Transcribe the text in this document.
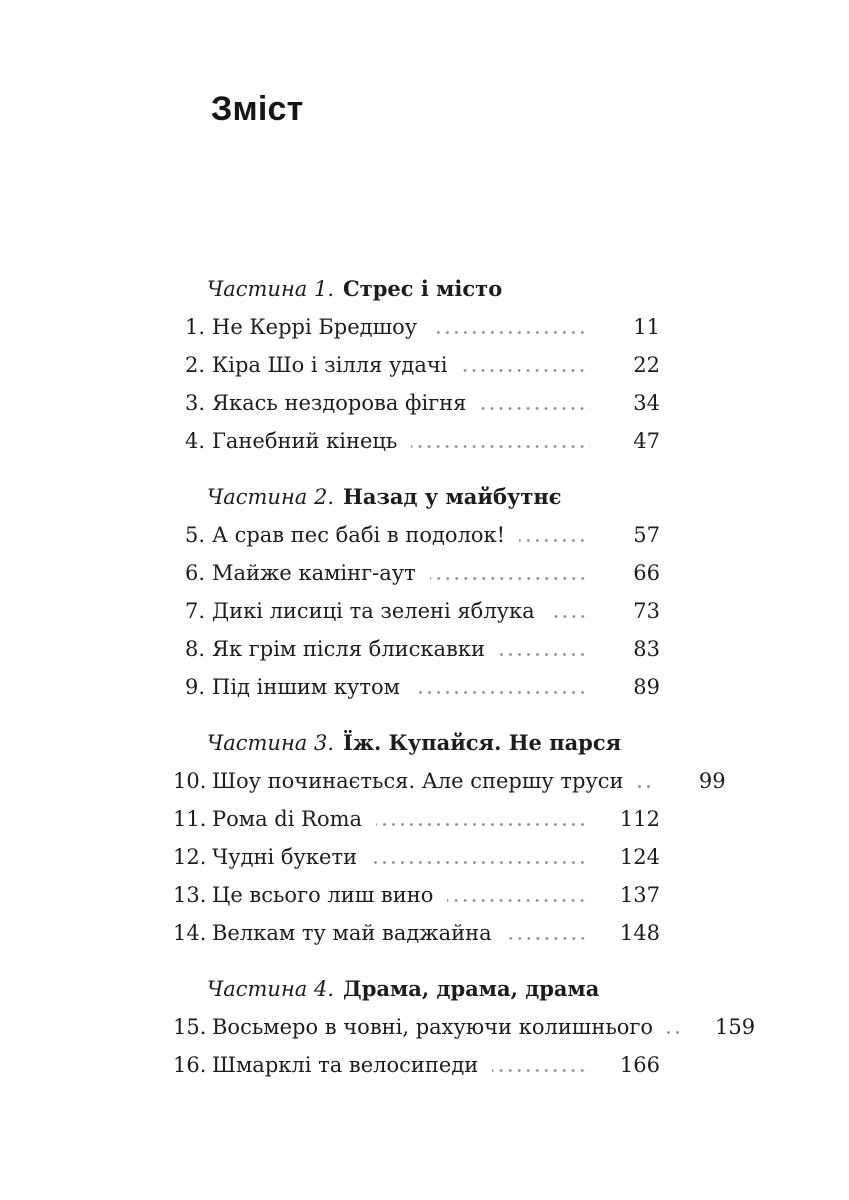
Зміст
Частина 1. Стрес і місто
1. Не Керрі Бредшоу	11
2. Кіра Шо і зілля удачі	22
3. Якась нездорова фігня	34
4. Ганебний кінець	47
Частина 2. Назад у майбутнє
5. А срав пес бабі в подолок!	57
6. Майже камінг-аут	66
7. Дикі лисиці та зелені яблука	73
8. Як грім після блискавки	83
9. Під іншим кутом	89
Частина 3. Їж. Купайся. Не парся
10. Шоу починається. Але спершу труси	99
11. Рома di Roma	112
12. Чудні букети	124
13. Це всього лиш вино	137
14. Велкам ту май ваджайна	148
Частина 4. Драма, драма, драма
15. Восьмеро в човні, рахуючи колишнього	159
16. Шмарклі та велосипеди	166
